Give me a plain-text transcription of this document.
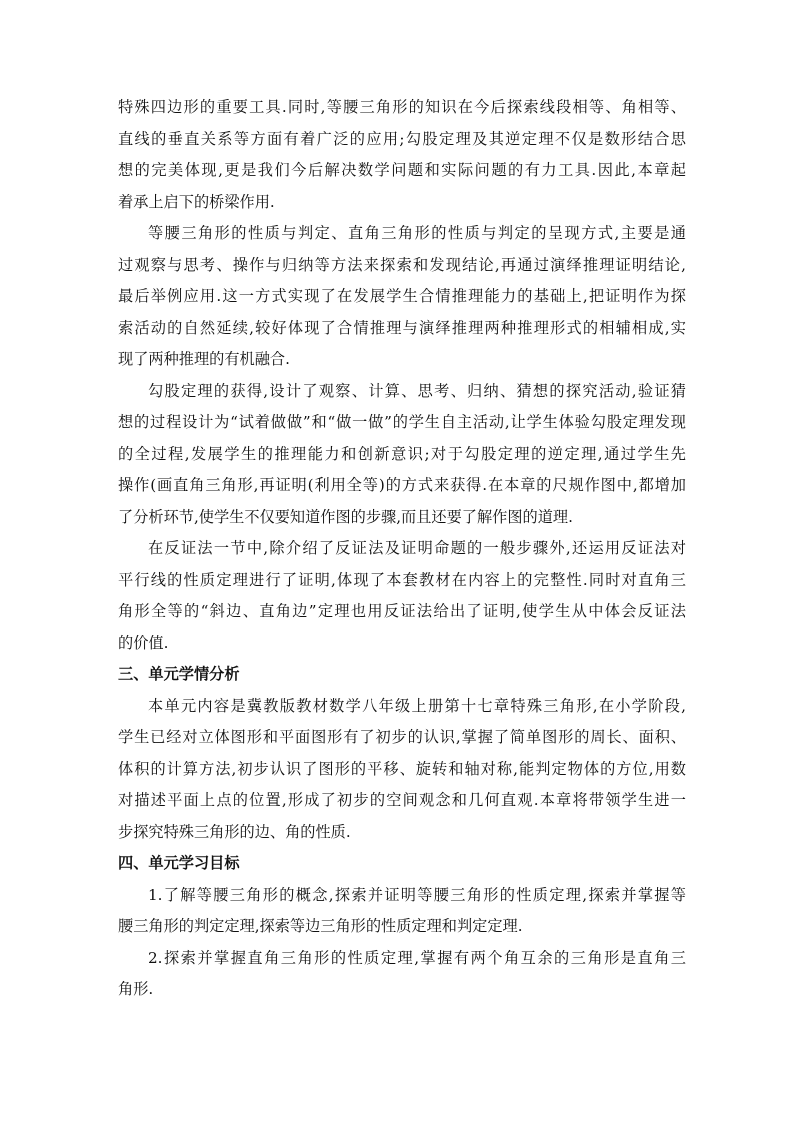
特殊四边形的重要工具.同时,等腰三角形的知识在今后探索线段相等、角相等、
直线的垂直关系等方面有着广泛的应用;勾股定理及其逆定理不仅是数形结合思
想的完美体现,更是我们今后解决数学问题和实际问题的有力工具.因此,本章起
着承上启下的桥梁作用.
等腰三角形的性质与判定、直角三角形的性质与判定的呈现方式,主要是通
过观察与思考、操作与归纳等方法来探索和发现结论,再通过演绎推理证明结论,
最后举例应用.这一方式实现了在发展学生合情推理能力的基础上,把证明作为探
索活动的自然延续,较好体现了合情推理与演绎推理两种推理形式的相辅相成,实
现了两种推理的有机融合.
勾股定理的获得,设计了观察、计算、思考、归纳、猜想的探究活动,验证猜
想的过程设计为“试着做做”和“做一做”的学生自主活动,让学生体验勾股定理发现
的全过程,发展学生的推理能力和创新意识;对于勾股定理的逆定理,通过学生先
操作(画直角三角形,再证明(利用全等)的方式来获得.在本章的尺规作图中,都增加
了分析环节,使学生不仅要知道作图的步骤,而且还要了解作图的道理.
在反证法一节中,除介绍了反证法及证明命题的一般步骤外,还运用反证法对
平行线的性质定理进行了证明,体现了本套教材在内容上的完整性.同时对直角三
角形全等的“斜边、直角边”定理也用反证法给出了证明,使学生从中体会反证法
的价值.
三、单元学情分析
本单元内容是冀教版教材数学八年级上册第十七章特殊三角形,在小学阶段,
学生已经对立体图形和平面图形有了初步的认识,掌握了简单图形的周长、面积、
体积的计算方法,初步认识了图形的平移、旋转和轴对称,能判定物体的方位,用数
对描述平面上点的位置,形成了初步的空间观念和几何直观.本章将带领学生进一
步探究特殊三角形的边、角的性质.
四、单元学习目标
1.了解等腰三角形的概念,探索并证明等腰三角形的性质定理,探索并掌握等
腰三角形的判定定理,探索等边三角形的性质定理和判定定理.
2.探索并掌握直角三角形的性质定理,掌握有两个角互余的三角形是直角三
角形.
